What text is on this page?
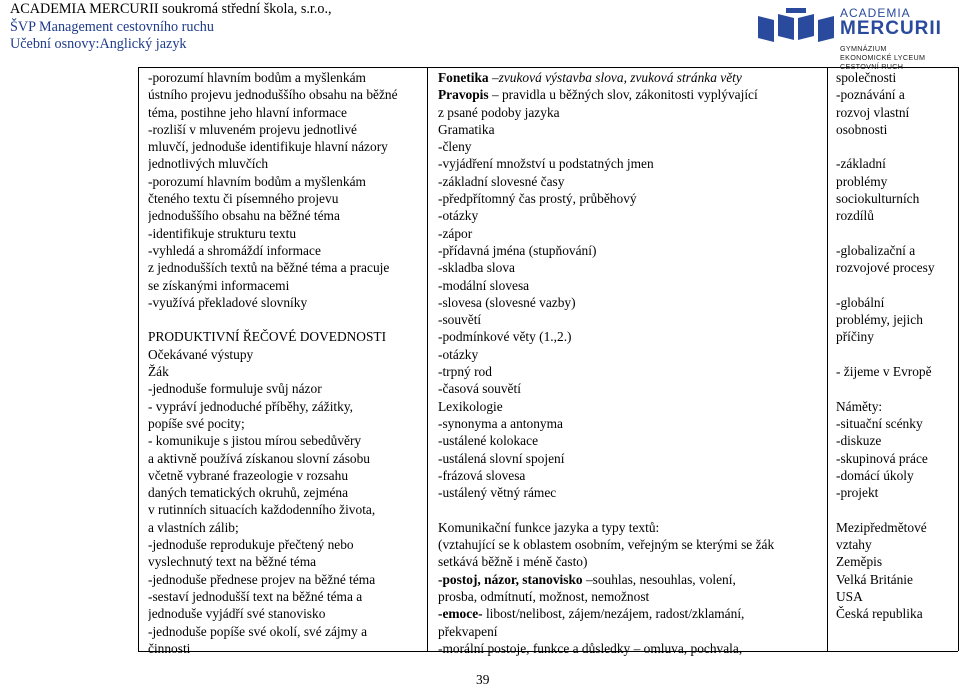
ACADEMIA MERCURII soukromá střední škola, s.r.o.,
ŠVP Management cestovního ruchu
Učební osnovy:Anglický jazyk
ACADEMIA
MERCURII
GYMNÁZIUM
EKONOMICKÉ LYCEUM
CESTOVNÍ RUCH
-porozumí hlavním bodům a myšlenkám
ústního projevu jednoduššího obsahu na běžné
téma, postihne jeho hlavní informace
-rozliší v mluveném projevu jednotlivé
mluvčí, jednoduše identifikuje hlavní názory
jednotlivých mluvčích
-porozumí hlavním bodům a myšlenkám
čteného textu či písemného projevu
jednoduššího obsahu na běžné téma
-identifikuje strukturu textu
-vyhledá a shromáždí informace
z jednodušších textů na běžné téma a pracuje
se získanými informacemi
-využívá překladové slovníky
PRODUKTIVNÍ ŘEČOVÉ DOVEDNOSTI
Očekávané výstupy
Žák
-jednoduše formuluje svůj názor
- vypráví jednoduché příběhy, zážitky,
popíše své pocity;
- komunikuje s jistou mírou sebedůvěry
a aktivně používá získanou slovní zásobu
včetně vybrané frazeologie v rozsahu
daných tematických okruhů, zejména
v rutinních situacích každodenního života,
a vlastních zálib;
-jednoduše reprodukuje přečtený nebo
vyslechnutý text na běžné téma
-jednoduše přednese projev na běžné téma
-sestaví jednodušší text na běžné téma a
jednoduše vyjádří své stanovisko
-jednoduše popíše své okolí, své zájmy a
činnosti
Fonetika –zvuková výstavba slova, zvuková stránka věty
Pravopis – pravidla u běžných slov, zákonitosti vyplývající
z psané podoby jazyka
Gramatika
-členy
-vyjádření množství u podstatných jmen
-základní slovesné časy
-předpřítomný čas prostý, průběhový
-otázky
-zápor
-přídavná jména (stupňování)
-skladba slova
-modální slovesa
-slovesa (slovesné vazby)
-souvětí
-podmínkové věty (1.,2.)
-otázky
-trpný rod
-časová souvětí
Lexikologie
-synonyma a antonyma
-ustálené kolokace
-ustálená slovní spojení
-frázová slovesa
-ustálený větný rámec
Komunikační funkce jazyka a typy textů:
(vztahující se k oblastem osobním, veřejným se kterými se žák
setkává běžně i méně často)
-postoj, názor, stanovisko –souhlas, nesouhlas, volení,
prosba, odmítnutí, možnost, nemožnost
-emoce- libost/nelibost, zájem/nezájem, radost/zklamání,
překvapení
-morální postoje, funkce a důsledky – omluva, pochvala,
společnosti
-poznávání a
rozvoj vlastní
osobnosti
-základní
problémy
sociokulturních
rozdílů
-globalizační a
rozvojové procesy
-globální
problémy, jejich
příčiny
- žijeme v Evropě
Náměty:
-situační scénky
-diskuze
-skupinová práce
-domácí úkoly
-projekt
Mezipředmětové
vztahy
Zeměpis
Velká Británie
USA
Česká republika
39
